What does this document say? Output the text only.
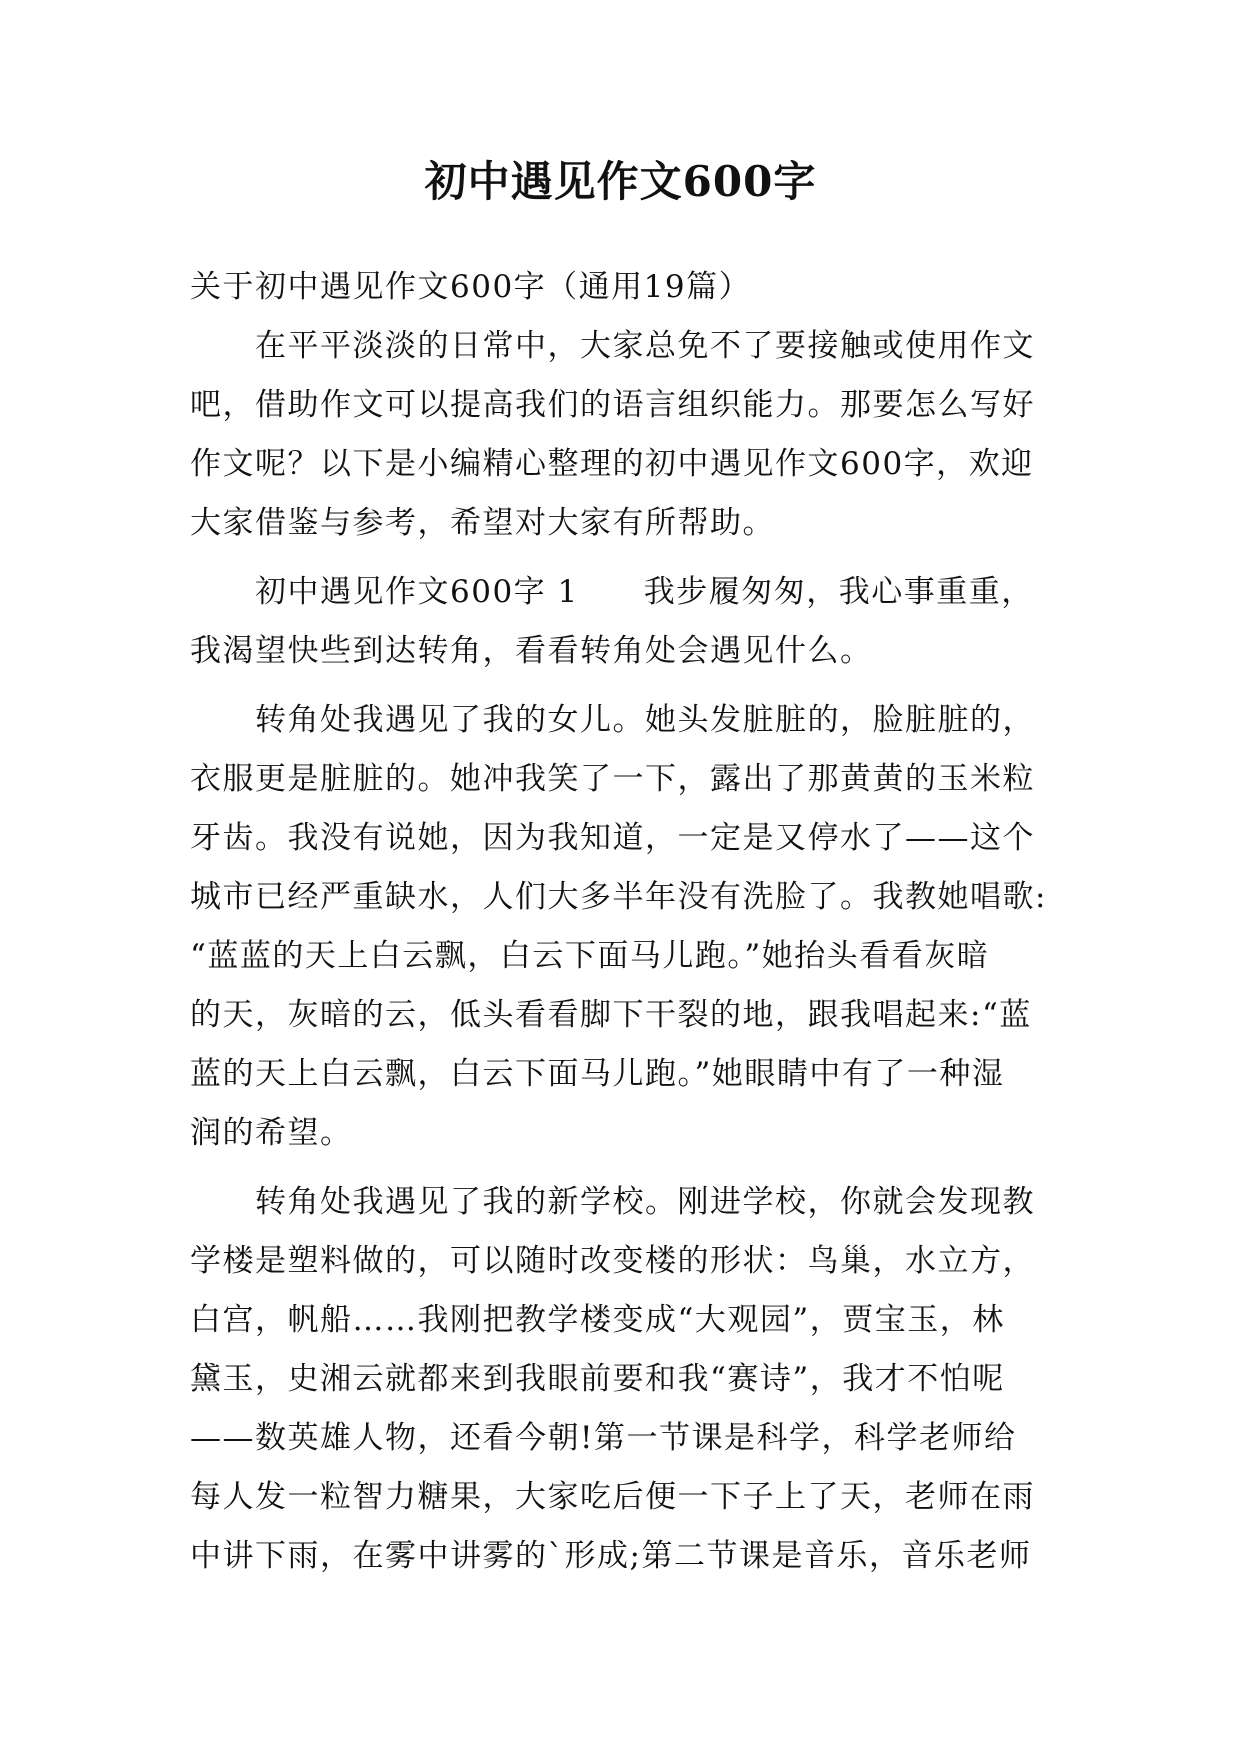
初中遇见作文600字
关于初中遇见作文600字（通用19篇）
　　在平平淡淡的日常中，大家总免不了要接触或使用作文
吧，借助作文可以提高我们的语言组织能力。那要怎么写好
作文呢？以下是小编精心整理的初中遇见作文600字，欢迎
大家借鉴与参考，希望对大家有所帮助。
　　初中遇见作文600字 1　　我步履匆匆，我心事重重，
我渴望快些到达转角，看看转角处会遇见什么。
　　转角处我遇见了我的女儿。她头发脏脏的，脸脏脏的，
衣服更是脏脏的。她冲我笑了一下，露出了那黄黄的玉米粒
牙齿。我没有说她，因为我知道，一定是又停水了——这个
城市已经严重缺水，人们大多半年没有洗脸了。我教她唱歌:
“蓝蓝的天上白云飘，白云下面马儿跑。”她抬头看看灰暗
的天，灰暗的云，低头看看脚下干裂的地，跟我唱起来:“蓝
蓝的天上白云飘，白云下面马儿跑。”她眼睛中有了一种湿
润的希望。
　　转角处我遇见了我的新学校。刚进学校，你就会发现教
学楼是塑料做的，可以随时改变楼的形状：鸟巢，水立方，
白宫，帆船……我刚把教学楼变成“大观园”，贾宝玉，林
黛玉，史湘云就都来到我眼前要和我“赛诗”，我才不怕呢
——数英雄人物，还看今朝!第一节课是科学，科学老师给
每人发一粒智力糖果，大家吃后便一下子上了天，老师在雨
中讲下雨，在雾中讲雾的`形成;第二节课是音乐，音乐老师
